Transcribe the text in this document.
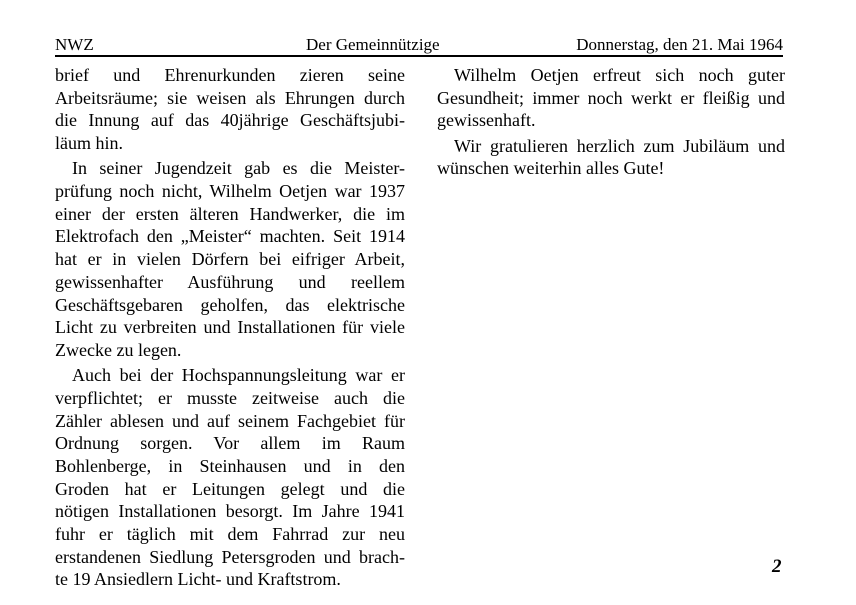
NWZ	Der Gemeinnützige	Donnerstag, den 21. Mai 1964

brief und Ehrenurkunden zieren seine
Arbeitsräume; sie weisen als Ehrungen durch
die Innung auf das 40jährige Geschäftsjubi-
läum hin.

In seiner Jugendzeit gab es die Meister-
prüfung noch nicht, Wilhelm Oetjen war 1937
einer der ersten älteren Handwerker, die im
Elektrofach den „Meister“ machten. Seit 1914
hat er in vielen Dörfern bei eifriger Arbeit,
gewissenhafter Ausführung und reellem
Geschäftsgebaren geholfen, das elektrische
Licht zu verbreiten und Installationen für viele
Zwecke zu legen.

Auch bei der Hochspannungsleitung war er
verpflichtet; er musste zeitweise auch die
Zähler ablesen und auf seinem Fachgebiet für
Ordnung sorgen. Vor allem im Raum
Bohlenberge, in Steinhausen und in den
Groden hat er Leitungen gelegt und die
nötigen Installationen besorgt. Im Jahre 1941
fuhr er täglich mit dem Fahrrad zur neu
erstandenen Siedlung Petersgroden und brach-
te 19 Ansiedlern Licht- und Kraftstrom.

Wilhelm Oetjen erfreut sich noch guter
Gesundheit; immer noch werkt er fleißig und
gewissenhaft.

Wir gratulieren herzlich zum Jubiläum und
wünschen weiterhin alles Gute!

2
